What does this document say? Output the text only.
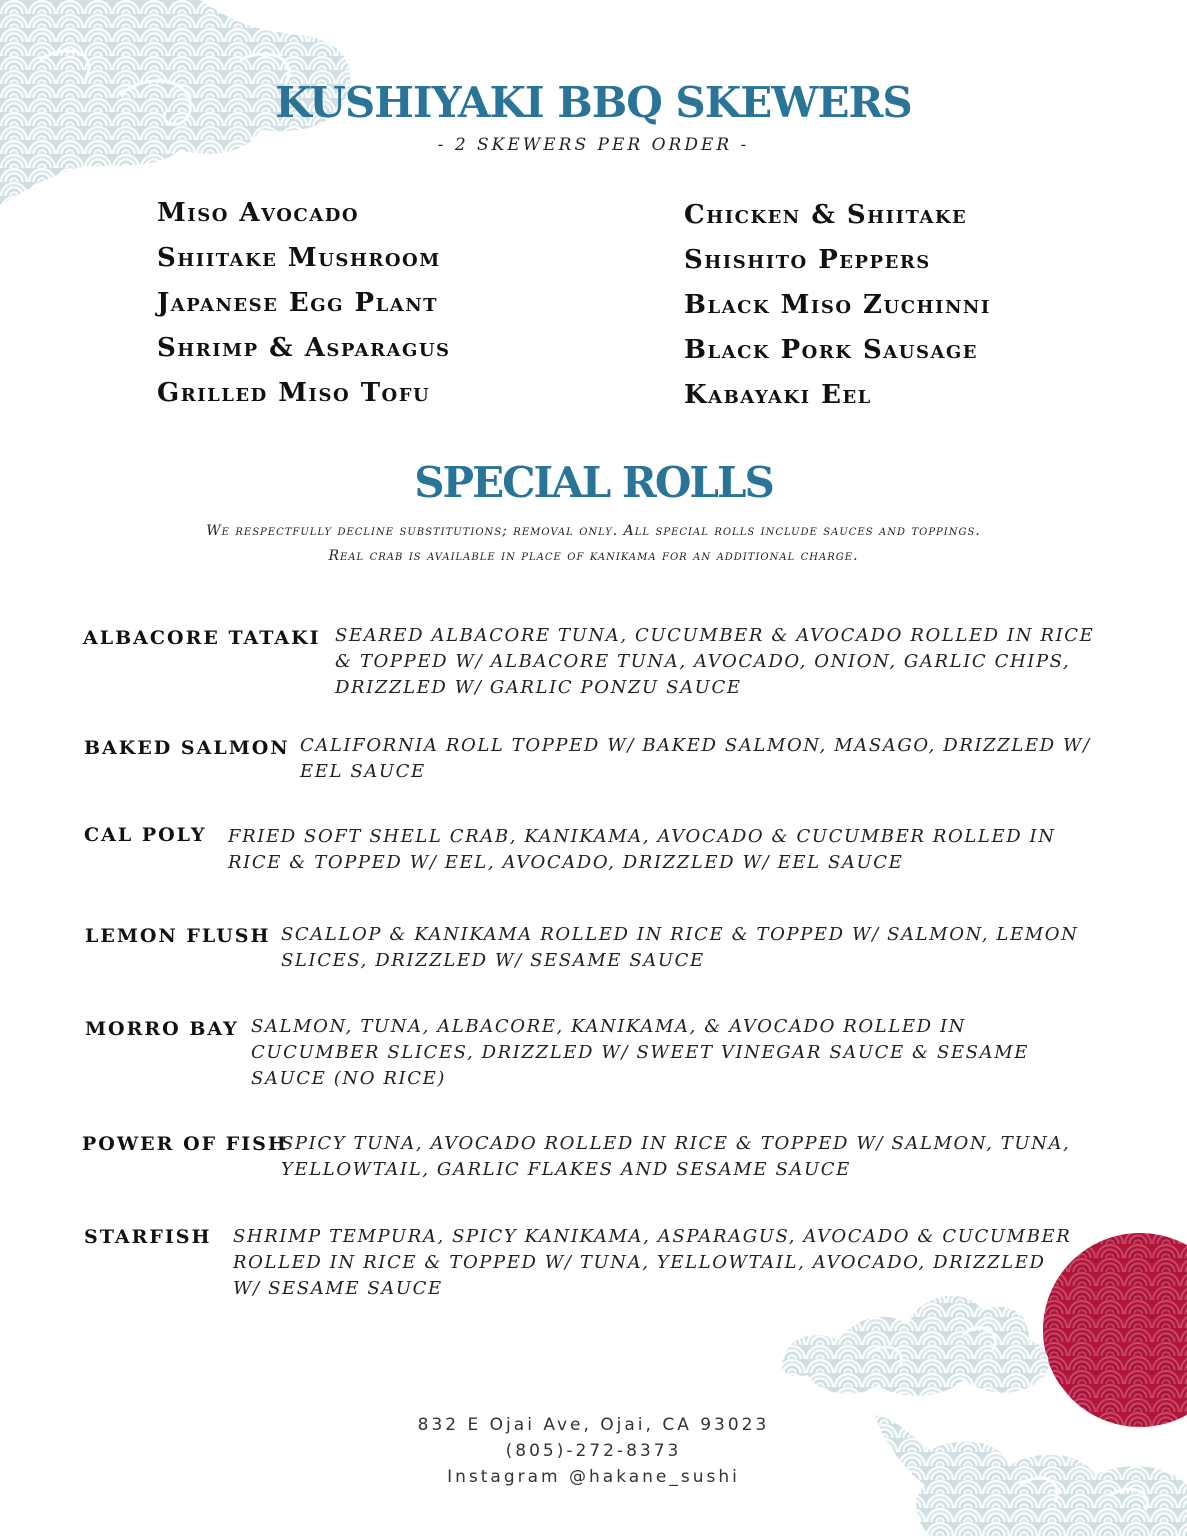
KUSHIYAKI BBQ SKEWERS
- 2 SKEWERS PER ORDER -
Miso Avocado
Shiitake Mushroom
Japanese Egg Plant
Shrimp & Asparagus
Grilled Miso Tofu
Chicken & Shiitake
Shishito Peppers
Black Miso Zuchinni
Black Pork Sausage
Kabayaki Eel
SPECIAL ROLLS
We respectfully decline substitutions; removal only. All special rolls include sauces and toppings.
Real crab is available in place of kanikama for an additional charge.
ALBACORE TATAKI SEARED ALBACORE TUNA, CUCUMBER & AVOCADO ROLLED IN RICE
& TOPPED W/ ALBACORE TUNA, AVOCADO, ONION, GARLIC CHIPS,
DRIZZLED W/ GARLIC PONZU SAUCE
BAKED SALMON CALIFORNIA ROLL TOPPED W/ BAKED SALMON, MASAGO, DRIZZLED W/
EEL SAUCE
CAL POLY FRIED SOFT SHELL CRAB, KANIKAMA, AVOCADO & CUCUMBER ROLLED IN
RICE & TOPPED W/ EEL, AVOCADO, DRIZZLED W/ EEL SAUCE
LEMON FLUSH SCALLOP & KANIKAMA ROLLED IN RICE & TOPPED W/ SALMON, LEMON
SLICES, DRIZZLED W/ SESAME SAUCE
MORRO BAY SALMON, TUNA, ALBACORE, KANIKAMA, & AVOCADO ROLLED IN
CUCUMBER SLICES, DRIZZLED W/ SWEET VINEGAR SAUCE & SESAME
SAUCE (NO RICE)
POWER OF FISH
SPICY TUNA, AVOCADO ROLLED IN RICE & TOPPED W/ SALMON, TUNA,
YELLOWTAIL, GARLIC FLAKES AND SESAME SAUCE
STARFISH SHRIMP TEMPURA, SPICY KANIKAMA, ASPARAGUS, AVOCADO & CUCUMBER
ROLLED IN RICE & TOPPED W/ TUNA, YELLOWTAIL, AVOCADO, DRIZZLED
W/ SESAME SAUCE
832 E Ojai Ave, Ojai, CA 93023
(805)-272-8373
Instagram @hakane_sushi
